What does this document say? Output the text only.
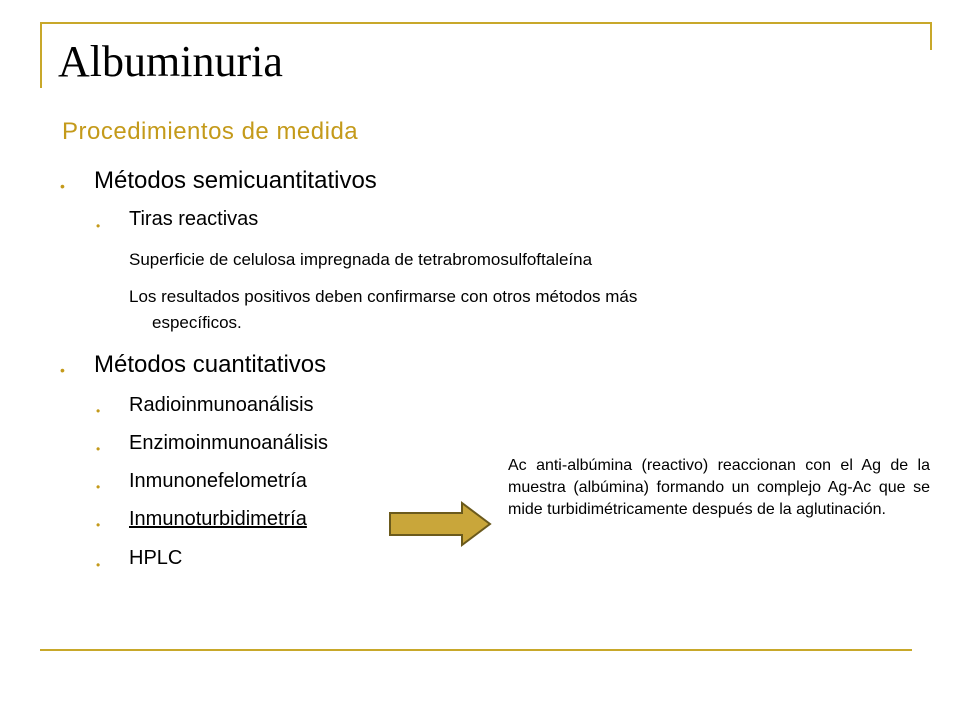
Albuminuria
Procedimientos de medida
• Métodos semicuantitativos
• Tiras reactivas
Superficie de celulosa impregnada de tetrabromosulfoftaleína
Los resultados positivos deben confirmarse con otros métodos más
específicos.
• Métodos cuantitativos
• Radioinmunoanálisis
• Enzimoinmunoanálisis
• Inmunonefelometría
• Inmunoturbidimetría
• HPLC
Ac anti-albúmina (reactivo) reaccionan con el Ag de la muestra (albúmina) formando un complejo Ag-Ac que se mide turbidimétricamente después de la aglutinación.
